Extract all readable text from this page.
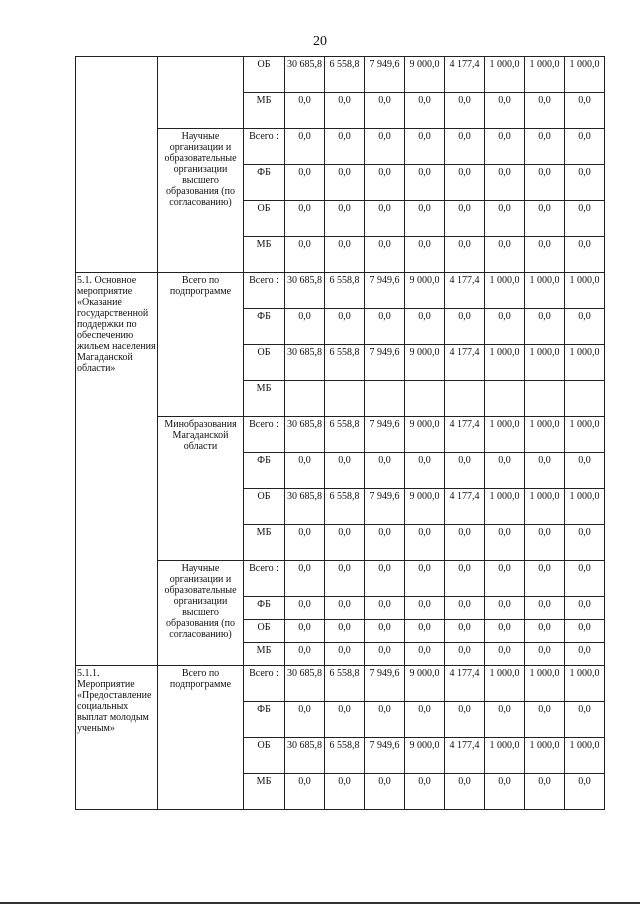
20
		ОБ	30 685,8	6 558,8	7 949,6	9 000,0	4 177,4	1 000,0	1 000,0	1 000,0
		МБ	0,0	0,0	0,0	0,0	0,0	0,0	0,0	0,0
	Научные организации и образовательные организации высшего образования (по согласованию)	Всего :	0,0	0,0	0,0	0,0	0,0	0,0	0,0	0,0
		ФБ	0,0	0,0	0,0	0,0	0,0	0,0	0,0	0,0
		ОБ	0,0	0,0	0,0	0,0	0,0	0,0	0,0	0,0
		МБ	0,0	0,0	0,0	0,0	0,0	0,0	0,0	0,0
5.1. Основное мероприятие «Оказание государственной поддержки по обеспечению жильем населения Магаданской области»	Всего по подпрограмме	Всего :	30 685,8	6 558,8	7 949,6	9 000,0	4 177,4	1 000,0	1 000,0	1 000,0
		ФБ	0,0	0,0	0,0	0,0	0,0	0,0	0,0	0,0
		ОБ	30 685,8	6 558,8	7 949,6	9 000,0	4 177,4	1 000,0	1 000,0	1 000,0
		МБ								
	Минобразования Магаданской области	Всего :	30 685,8	6 558,8	7 949,6	9 000,0	4 177,4	1 000,0	1 000,0	1 000,0
		ФБ	0,0	0,0	0,0	0,0	0,0	0,0	0,0	0,0
		ОБ	30 685,8	6 558,8	7 949,6	9 000,0	4 177,4	1 000,0	1 000,0	1 000,0
		МБ	0,0	0,0	0,0	0,0	0,0	0,0	0,0	0,0
	Научные организации и образовательные организации высшего образования (по согласованию)	Всего :	0,0	0,0	0,0	0,0	0,0	0,0	0,0	0,0
		ФБ	0,0	0,0	0,0	0,0	0,0	0,0	0,0	0,0
		ОБ	0,0	0,0	0,0	0,0	0,0	0,0	0,0	0,0
		МБ	0,0	0,0	0,0	0,0	0,0	0,0	0,0	0,0
5.1.1. Мероприятие «Предоставление социальных выплат молодым ученым»	Всего по подпрограмме	Всего :	30 685,8	6 558,8	7 949,6	9 000,0	4 177,4	1 000,0	1 000,0	1 000,0
		ФБ	0,0	0,0	0,0	0,0	0,0	0,0	0,0	0,0
		ОБ	30 685,8	6 558,8	7 949,6	9 000,0	4 177,4	1 000,0	1 000,0	1 000,0
		МБ	0,0	0,0	0,0	0,0	0,0	0,0	0,0	0,0
